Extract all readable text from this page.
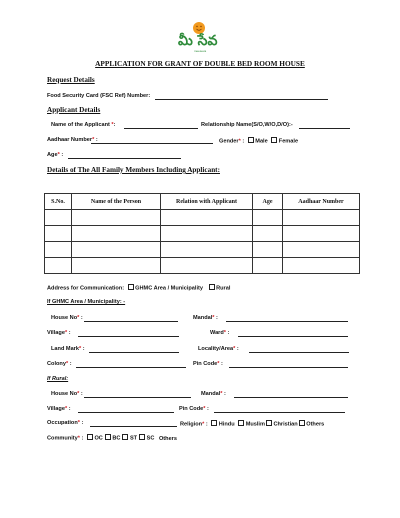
మీ సేవ
meeseva
APPLICATION FOR GRANT OF DOUBLE BED ROOM HOUSE
Request Details
Food Security Card (FSC Ref) Number:
Applicant Details
Name of the Applicant *:	Relationship Name(S/O,W/O,D/O):-
Aadhaar Number* :	Gender* : Male Female
Age* :
Details of The All Family Members Including Applicant:
S.No.	Name of the Person	Relation with Applicant	Age	Aadhaar Number

Address for Communication: GHMC Area / Municipality Rural
If GHMC Area / Municipality: -
House No* :	Mandal* :
Village* :	Ward* :
Land Mark* :	Locality/Area* :
Colony* :	Pin Code* :
If Rural:
House No* :	Mandal* :
Village* :	Pin Code* :
Occupation* :	Religion* : Hindu Muslim Christian Others
Community* : OC BC ST SC Others
